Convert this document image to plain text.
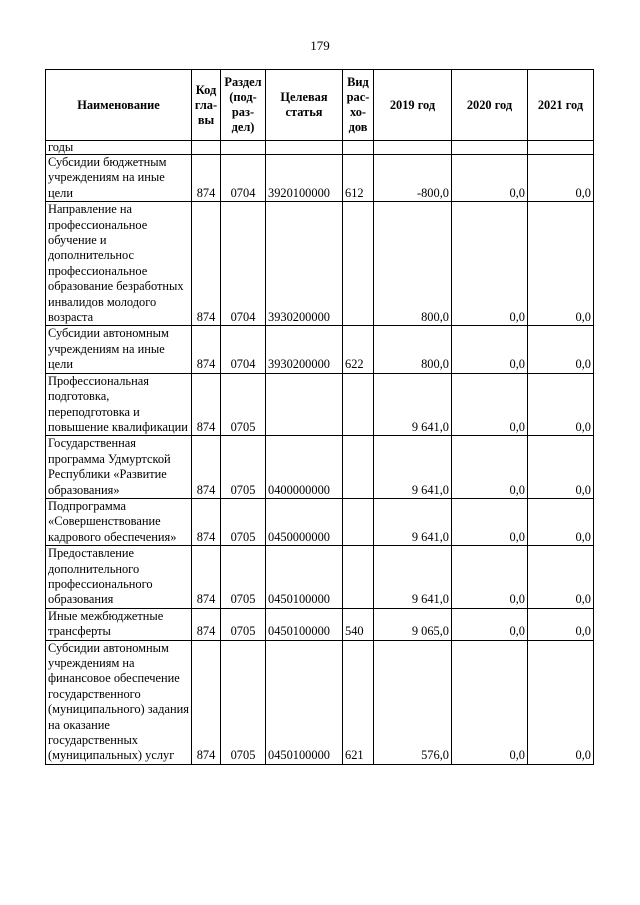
179
Наименование	Код гла- вы	Раздел (под- раз- дел)	Целевая статья	Вид рас- хо- дов	2019 год	2020 год	2021 год
годы							
Субсидии бюджетным учреждениям на иные цели	874	0704	3920100000	612	-800,0	0,0	0,0
Направление на профессиональное обучение и дополнительнос профессиональное образование безработных инвалидов молодого возраста	874	0704	3930200000		800,0	0,0	0,0
Субсидии автономным учреждениям на иные цели	874	0704	3930200000	622	800,0	0,0	0,0
Профессиональная подготовка, переподготовка и повышение квалификации	874	0705			9 641,0	0,0	0,0
Государственная программа Удмуртской Республики «Развитие образования»	874	0705	0400000000		9 641,0	0,0	0,0
Подпрограмма «Совершенствование кадрового обеспечения»	874	0705	0450000000		9 641,0	0,0	0,0
Предоставление дополнительного профессионального образования	874	0705	0450100000		9 641,0	0,0	0,0
Иные межбюджетные трансферты	874	0705	0450100000	540	9 065,0	0,0	0,0
Субсидии автономным учреждениям на финансовое обеспечение государственного (муниципального) задания на оказание государственных (муниципальных) услуг	874	0705	0450100000	621	576,0	0,0	0,0
